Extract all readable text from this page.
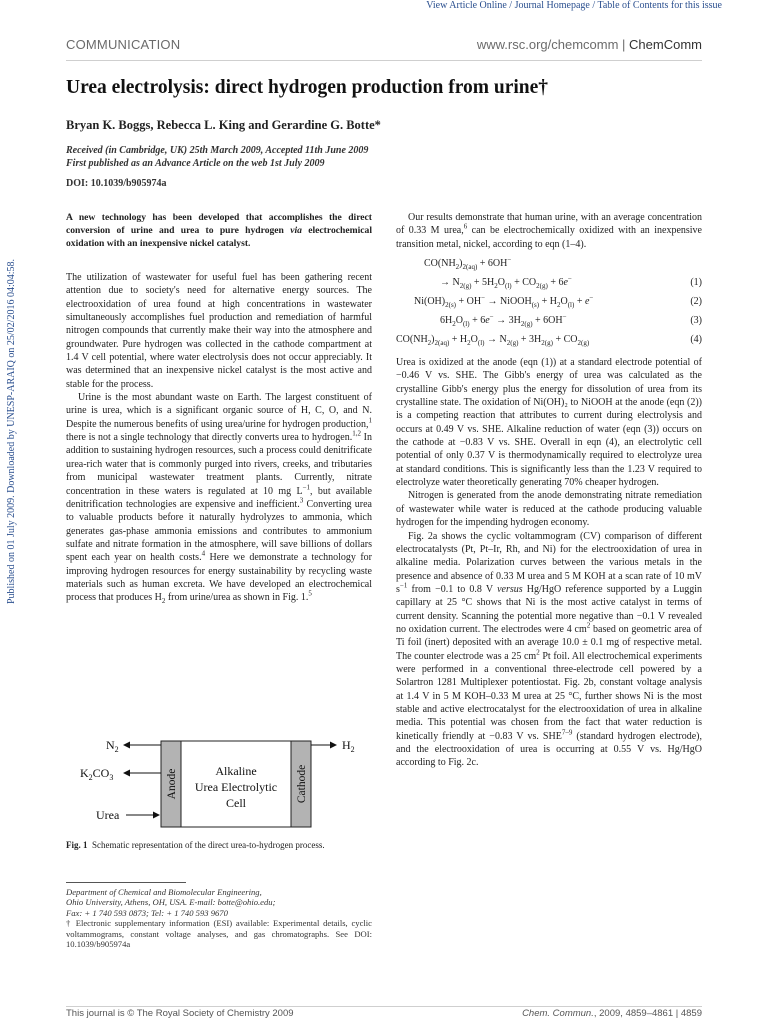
View Article Online / Journal Homepage / Table of Contents for this issue
Published on 01 July 2009. Downloaded by UNESP-ARAIQ on 25/02/2016 04:04:58.
COMMUNICATION	www.rsc.org/chemcomm | ChemComm
Urea electrolysis: direct hydrogen production from urine†
Bryan K. Boggs, Rebecca L. King and Gerardine G. Botte*
Received (in Cambridge, UK) 25th March 2009, Accepted 11th June 2009
First published as an Advance Article on the web 1st July 2009
DOI: 10.1039/b905974a
A new technology has been developed that accomplishes the direct conversion of urine and urea to pure hydrogen via electrochemical oxidation with an inexpensive nickel catalyst.

The utilization of wastewater for useful fuel has been gathering recent attention due to society's need for alternative energy sources. The electrooxidation of urea found at high concentrations in wastewater simultaneously accomplishes fuel production and remediation of harmful nitrogen compounds that currently make their way into the atmosphere and groundwater. Pure hydrogen was collected in the cathode compartment at 1.4 V cell potential, where water electrolysis does not occur appreciably. It was determined that an inexpensive nickel catalyst is the most active and stable for the process.

Urine is the most abundant waste on Earth. The largest constituent of urine is urea, which is a significant organic source of H, C, O, and N. Despite the numerous benefits of using urea/urine for hydrogen production,$^1$ there is not a single technology that directly converts urea to hydrogen.$^{1,2}$ In addition to sustaining hydrogen resources, such a process could denitrificate urea-rich water that is commonly purged into rivers, creeks, and tributaries from municipal wastewater treatment plants. Currently, nitrate concentration in these waters is regulated at 10 mg $L^{-1}$, but available denitrification technologies are expensive and inefficient.$^3$ Converting urea to valuable products before it naturally hydrolyzes to ammonia, which generates gas-phase ammonia emissions and contributes to ammonium sulfate and nitrate formation in the atmosphere, will save billions of dollars spent each year on health costs.$^4$ Here we demonstrate a technology for improving hydrogen resources for energy sustainability by recycling waste materials such as human excreta. We have developed an electrochemical process that produces $H_2$ from urine/urea as shown in Fig. 1.$^5$

Anode	Cathode
Alkaline
Urea Electrolytic
Cell
$N_2$
$K_2CO_3$
Urea
$H_2$
Fig. 1 Schematic representation of the direct urea-to-hydrogen process.
Department of Chemical and Biomolecular Engineering,
Ohio University, Athens, OH, USA. E-mail: botte@ohio.edu;
Fax: + 1 740 593 0873; Tel: + 1 740 593 9670
† Electronic supplementary information (ESI) available: Experimental details, cyclic voltammograms, constant voltage analyses, and gas chromatographs. See DOI: 10.1039/b905974a

Our results demonstrate that human urine, with an average concentration of 0.33 M urea,$^6$ can be electrochemically oxidized with an inexpensive transition metal, nickel, according to eqn (1–4).

$CO(NH_2)_{2(aq)} + 6OH^-$
→ $N_{2(g)} + 5H_2O_{(l)} + CO_{2(g)} + 6e^-$	(1)
$Ni(OH)_{2(s)} + OH^-$ → NiOOH$_{(s)}$ + $H_2O_{(l)} + e^-$	(2)
$6H_2O_{(l)} + 6e^- \to 3H_{2(g)} + 6OH^-$	(3)
$CO(NH_2)_{2(aq)} + H_2O_{(l)} \to N_{2(g)} + 3H_{2(g)} + CO_{2(g)}$	(4)

Urea is oxidized at the anode (eqn (1)) at a standard electrode potential of −0.46 V vs. SHE. The Gibb's energy of urea was calculated as the crystalline Gibb's energy plus the energy for dissolution of urea from its crystalline state. The oxidation of Ni(OH)₂ to NiOOH at the anode (eqn (2)) is a competing reaction that attributes to current during electrolysis and occurs at 0.49 V vs. SHE. Alkaline reduction of water (eqn (3)) occurs on the cathode at −0.83 V vs. SHE. Overall in eqn (4), an electrolytic cell potential of only 0.37 V is thermodynamically required to electrolyze urea at standard conditions. This is significantly less than the 1.23 V required to electrolyze water theoretically generating 70% cheaper hydrogen.

Nitrogen is generated from the anode demonstrating nitrate remediation of wastewater while water is reduced at the cathode producing valuable hydrogen for the impending hydrogen economy.

Fig. 2a shows the cyclic voltammogram (CV) comparison of different electrocatalysts (Pt, Pt–Ir, Rh, and Ni) for the electrooxidation of urea in alkaline media. Polarization curves between the various metals in the presence and absence of 0.33 M urea and 5 M KOH at a scan rate of 10 mV $s^{-1}$ from −0.1 to 0.8 V versus Hg/HgO reference supported by a Luggin capillary at 25 °C shows that Ni is the most active catalyst in terms of current density. Scanning the potential more negative than −0.1 V revealed no oxidation current. The electrodes were 4 $cm^2$ based on geometric area of Ti foil (inert) deposited with an average 10.0 ± 0.1 mg of respective metal. The counter electrode was a 25 $cm^2$ Pt foil. All electrochemical experiments were performed in a conventional three-electrode cell powered by a Solartron 1281 Multiplexer potentiostat. Fig. 2b, constant voltage analysis at 1.4 V in 5 M KOH–0.33 M urea at 25 °C, further shows Ni is the most stable and active electrocatalyst for the electrooxidation of urea in alkaline media. This potential was chosen from the fact that water reduction is kinetically friendly at −0.83 V vs. SHE$^{7-9}$ (standard hydrogen electrode), and the electrooxidation of urea is occurring at 0.55 V vs. Hg/HgO according to Fig. 2c.

This journal is © The Royal Society of Chemistry 2009	Chem. Commun., 2009, 4859–4861 | 4859
